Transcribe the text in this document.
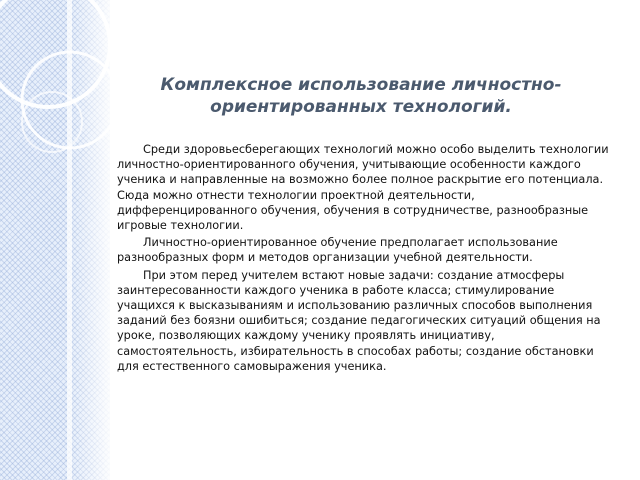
Комплексное использование личностно-ориентированных технологий.

Среди здоровьесберегающих технологий можно особо выделить технологии личностно-ориентированного обучения, учитывающие особенности каждого ученика и направленные на возможно более полное раскрытие его потенциала. Сюда можно отнести технологии проектной деятельности, дифференцированного обучения, обучения в сотрудничестве, разнообразные игровые технологии.

Личностно-ориентированное обучение предполагает использование разнообразных форм и методов организации учебной деятельности.

При этом перед учителем встают новые задачи: создание атмосферы заинтересованности каждого ученика в работе класса; стимулирование учащихся к высказываниям и использованию различных способов выполнения заданий без боязни ошибиться; создание педагогических ситуаций общения на уроке, позволяющих каждому ученику проявлять инициативу, самостоятельность, избирательность в способах работы; создание обстановки для естественного самовыражения ученика.
